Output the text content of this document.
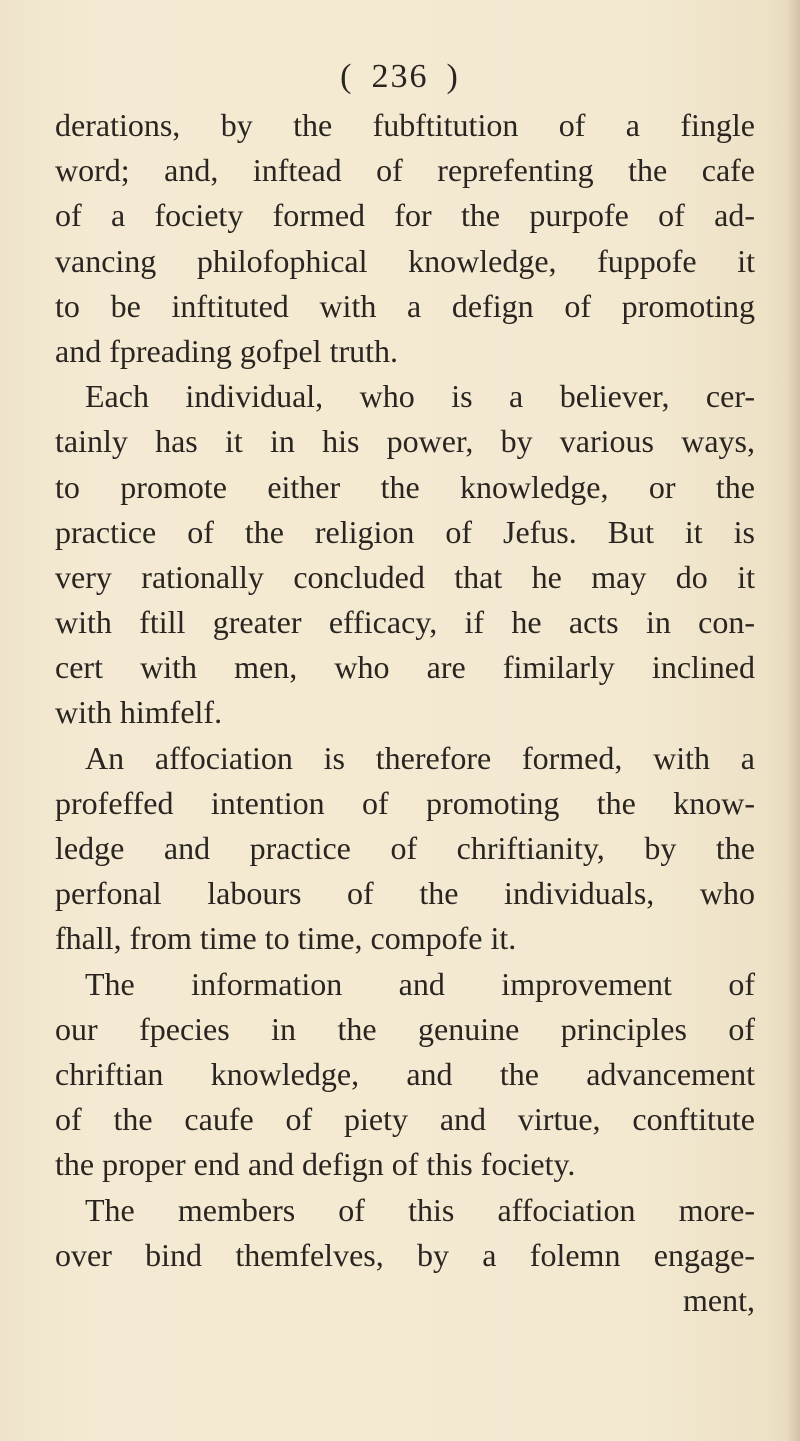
( 236 )
derations, by the fubftitution of a fingle
word; and, inftead of reprefenting the cafe
of a fociety formed for the purpofe of ad-
vancing philofophical knowledge, fuppofe it
to be inftituted with a defign of promoting
and fpreading gofpel truth.
Each individual, who is a believer, cer-
tainly has it in his power, by various ways,
to promote either the knowledge, or the
practice of the religion of Jefus. But it is
very rationally concluded that he may do it
with ftill greater efficacy, if he acts in con-
cert with men, who are fimilarly inclined
with himfelf.
An affociation is therefore formed, with a
profeffed intention of promoting the know-
ledge and practice of chriftianity, by the
perfonal labours of the individuals, who
fhall, from time to time, compofe it.
The information and improvement of
our fpecies in the genuine principles of
chriftian knowledge, and the advancement
of the caufe of piety and virtue, conftitute
the proper end and defign of this fociety.
The members of this affociation more-
over bind themfelves, by a folemn engage-
ment,
